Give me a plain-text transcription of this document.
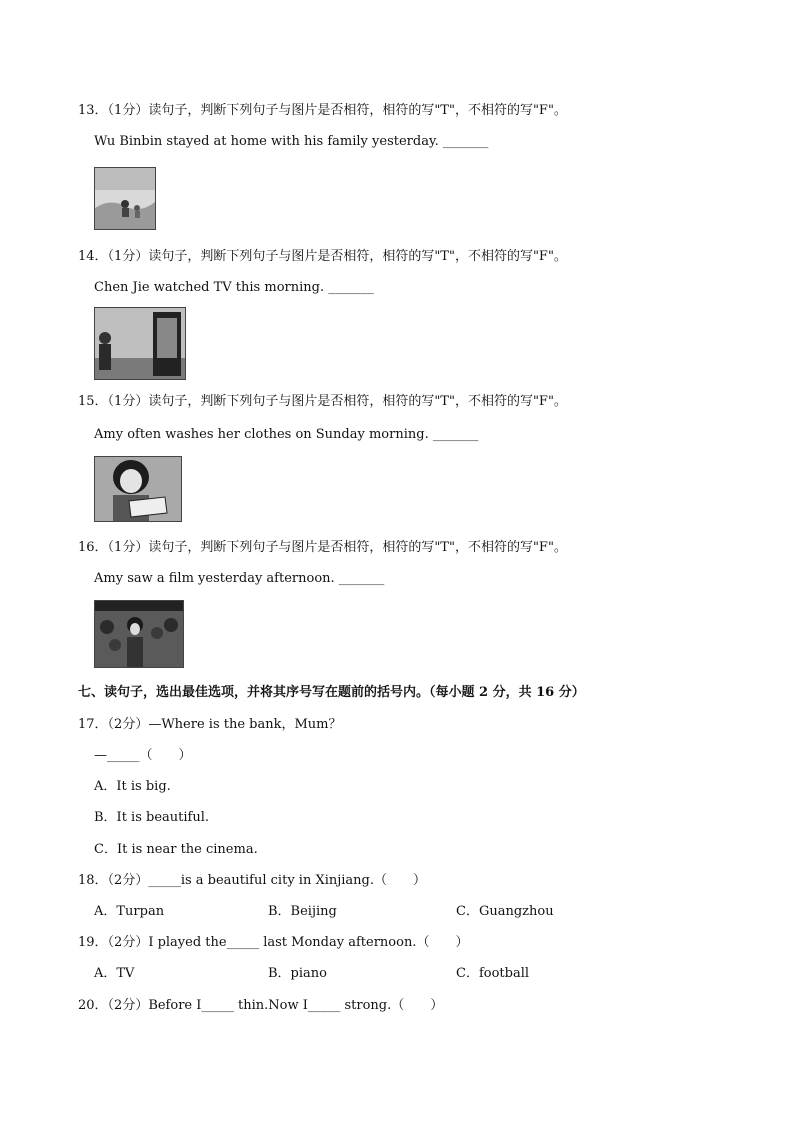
13．（1分）读句子，判断下列句子与图片是否相符，相符的写"T"，不相符的写"F"。
Wu Binbin stayed at home with his family yesterday. _______
14．（1分）读句子，判断下列句子与图片是否相符，相符的写"T"，不相符的写"F"。
Chen Jie watched TV this morning. _______
15．（1分）读句子，判断下列句子与图片是否相符，相符的写"T"，不相符的写"F"。
Amy often washes her clothes on Sunday morning. _______
16．（1分）读句子，判断下列句子与图片是否相符，相符的写"T"，不相符的写"F"。
Amy saw a film yesterday afternoon. _______
七、读句子，选出最佳选项，并将其序号写在题前的括号内。（每小题 2 分，共 16 分）
17．（2分）—Where is the bank，Mum？
—_____（　　）
A．It is big.
B．It is beautiful.
C．It is near the cinema.
18．（2分）_____is a beautiful city in Xinjiang.（　　）
A．Turpan	B．Beijing	C．Guangzhou
19．（2分）I played the_____ last Monday afternoon.（　　）
A．TV	B．piano	C．football
20．（2分）Before I_____ thin.Now I_____ strong.（　　）
